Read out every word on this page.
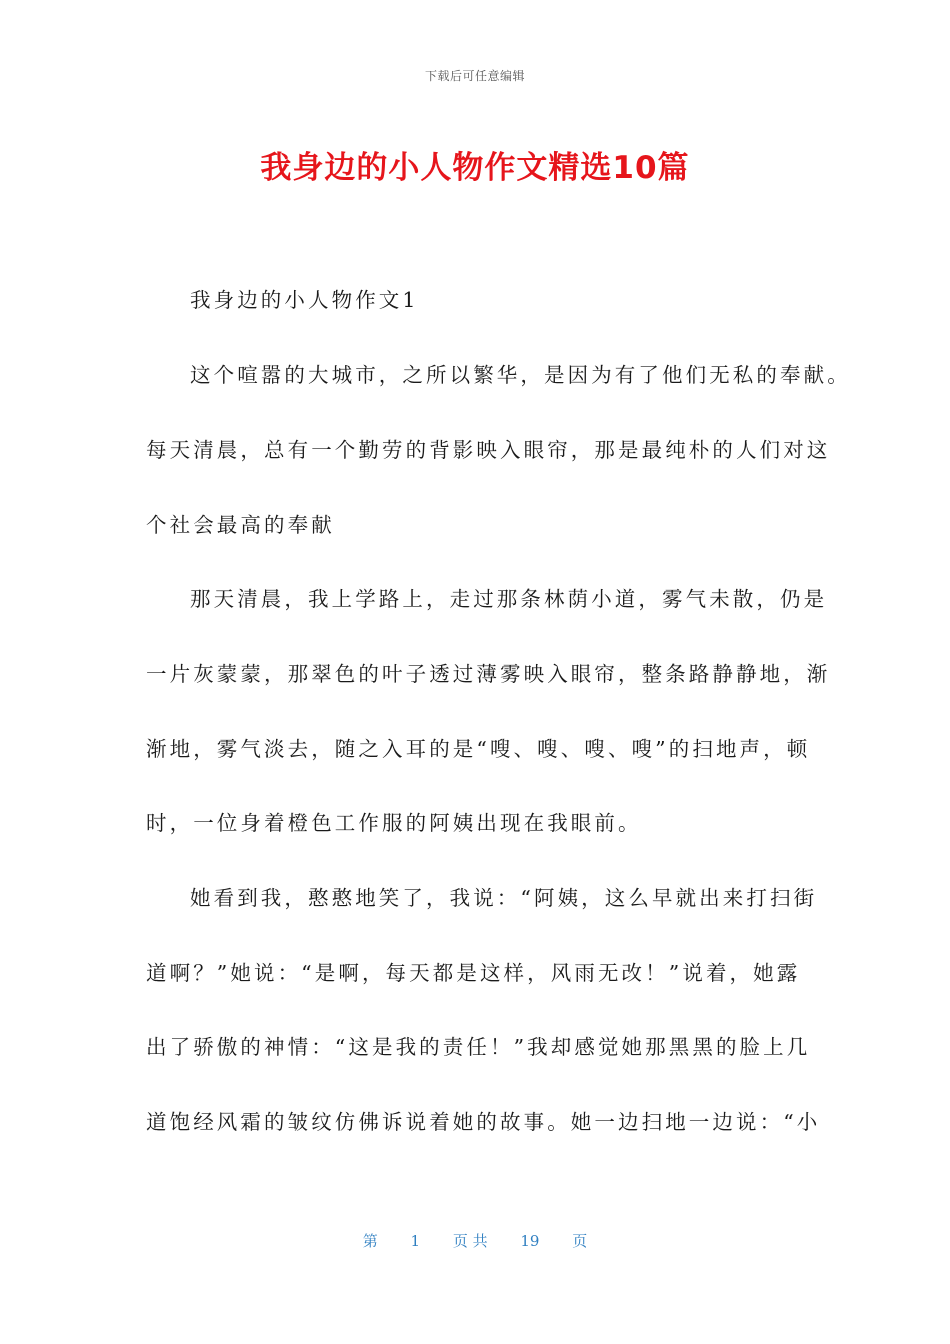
下载后可任意编辑
我身边的小人物作文精选10篇
我身边的小人物作文1
这个喧嚣的大城市，之所以繁华，是因为有了他们无私的奉献。
每天清晨，总有一个勤劳的背影映入眼帘，那是最纯朴的人们对这
个社会最高的奉献
那天清晨，我上学路上，走过那条林荫小道，雾气未散，仍是
一片灰蒙蒙，那翠色的叶子透过薄雾映入眼帘，整条路静静地，渐
渐地，雾气淡去，随之入耳的是“嗖、嗖、嗖、嗖”的扫地声，顿
时，一位身着橙色工作服的阿姨出现在我眼前。
她看到我，憨憨地笑了，我说：“阿姨，这么早就出来打扫街
道啊？”她说：“是啊，每天都是这样，风雨无改！”说着，她露
出了骄傲的神情：“这是我的责任！”我却感觉她那黑黑的脸上几
道饱经风霜的皱纹仿佛诉说着她的故事。她一边扫地一边说：“小
第 1 页 共 19 页
